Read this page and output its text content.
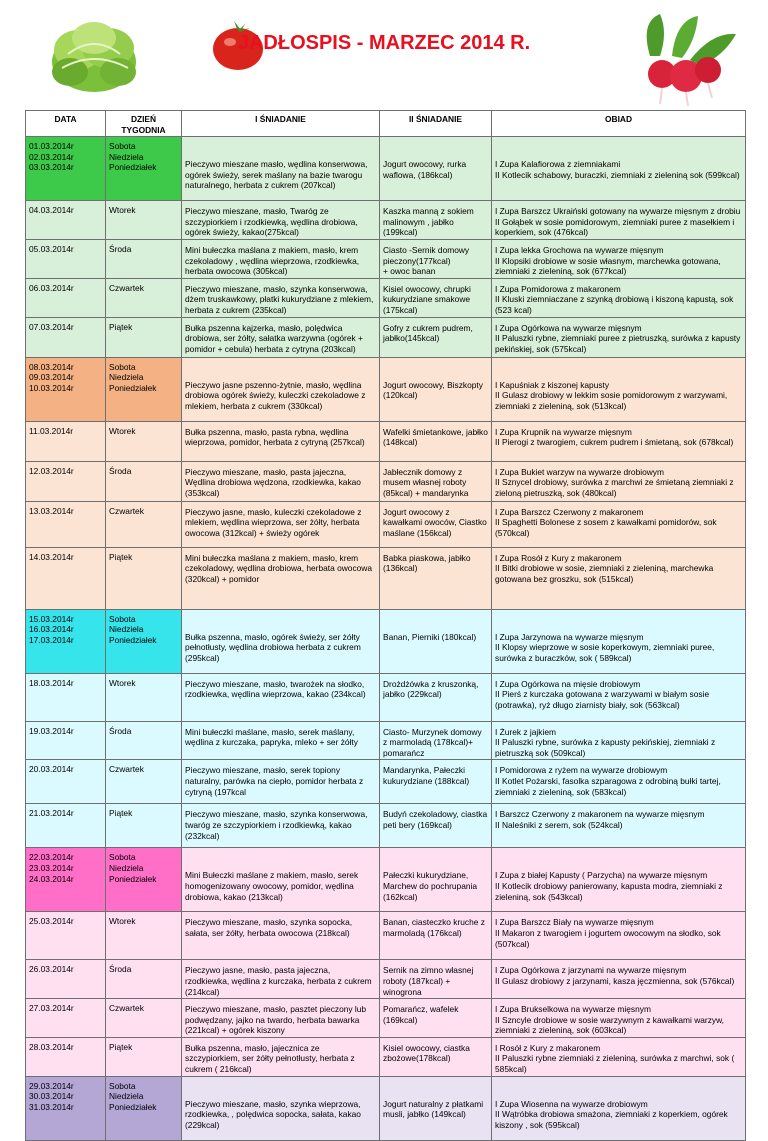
JADŁOSPIS - MARZEC 2014 R.
DATA	DZIEŃ
TYGODNIA	I ŚNIADANIE	II ŚNIADANIE	OBIAD
01.03.2014r
02.03.2014r
03.03.2014r	Sobota
Niedziela
Poniedziałek	Pieczywo mieszane masło, wędlina konserwowa, ogórek świeży, serek maślany na bazie twarogu naturalnego, herbata z cukrem (207kcal)	Jogurt owocowy, rurka waflowa, (186kcal)	I Zupa Kalafiorowa z ziemniakami
II Kotlecik schabowy, buraczki, ziemniaki z zieleniną sok (599kcal)
04.03.2014r	Wtorek	Pieczywo mieszane, masło, Twaróg ze szczypiorkiem i rzodkiewką, wędlina drobiowa, ogórek świeży, kakao(275kcal)	Kaszka manną z sokiem malinowym , jabłko (199kcal)	I Zupa Barszcz Ukraiński gotowany na wywarze mięsnym z drobiu
II Gołąbek w sosie pomidorowym, ziemniaki puree z masełkiem i koperkiem, sok (476kcal)
05.03.2014r	Środa	Mini bułeczka maślana z makiem, masło, krem czekoladowy , wędlina wieprzowa, rzodkiewka, herbata owocowa (305kcal)	Ciasto -Sernik domowy pieczony(177kcal)
+ owoc banan	I Zupa lekka Grochowa na wywarze mięsnym
II Klopsiki drobiowe w sosie własnym, marchewka gotowana, ziemniaki z zieleniną, sok (677kcal)
06.03.2014r	Czwartek	Pieczywo mieszane, masło, szynka konserwowa, dżem truskawkowy, płatki kukurydziane z mlekiem, herbata z cukrem (235kcal)	Kisiel owocowy, chrupki kukurydziane smakowe (175kcal)	I Zupa Pomidorowa z makaronem
II Kluski ziemniaczane z szynką drobiową i kiszoną kapustą, sok (523 kcal)
07.03.2014r	Piątek	Bułka pszenna kajzerka, masło, polędwica drobiowa, ser żółty, sałatka warzywna (ogórek + pomidor + cebula) herbata z cytryna (203kcal)	Gofry z cukrem pudrem, jabłko(145kcal)	I Zupa Ogórkowa na wywarze mięsnym
II Paluszki rybne, ziemniaki puree z pietruszką, surówka z kapusty pekińskiej, sok (575kcal)
08.03.2014r
09.03.2014r
10.03.2014r	Sobota
Niedziela
Poniedziałek	Pieczywo jasne pszenno-żytnie, masło, wędlina drobiowa ogórek świeży, kuleczki czekoladowe z mlekiem, herbata z cukrem (330kcal)	Jogurt owocowy, Biszkopty (120kcal)	I Kapuśniak z kiszonej kapusty
II Gulasz drobiowy w lekkim sosie pomidorowym z warzywami, ziemniaki z zieleniną, sok (513kcal)
11.03.2014r	Wtorek	Bułka pszenna, masło, pasta rybna, wędlina wieprzowa, pomidor, herbata z cytryną (257kcal)	Wafelki śmietankowe, jabłko (148kcal)	I Zupa Krupnik na wywarze mięsnym
II Pierogi z twarogiem, cukrem pudrem i śmietaną, sok (678kcal)
12.03.2014r	Środa	Pieczywo mieszane, masło, pasta jajeczna, Wędlina drobiowa wędzona, rzodkiewka, kakao (353kcal)	Jabłecznik domowy z musem własnej roboty (85kcal) + mandarynka	I Zupa Bukiet warzyw na wywarze drobiowym
II Sznycel drobiowy, surówka z marchwi ze śmietaną ziemniaki z zieloną pietruszką, sok (480kcal)
13.03.2014r	Czwartek	Pieczywo jasne, masło, kuleczki czekoladowe z mlekiem, wędlina wieprzowa, ser żółty, herbata owocowa (312kcal) + świeży ogórek	Jogurt owocowy z kawałkami owoców, Ciastko maślane (156kcal)	I Zupa Barszcz Czerwony z makaronem
II Spaghetti Bolonese z sosem z kawałkami pomidorów, sok (570kcal)
14.03.2014r	Piątek	Mini bułeczka maślana z makiem, masło, krem czekoladowy, wędlina drobiowa, herbata owocowa (320kcal) + pomidor	Babka piaskowa, jabłko (136kcal)	I Zupa Rosół z Kury z makaronem
II Bitki drobiowe w sosie, ziemniaki z zieleniną, marchewka gotowana bez groszku, sok (515kcal)
15.03.2014r
16.03.2014r
17.03.2014r	Sobota
Niedziela
Poniedziałek	Bułka pszenna, masło, ogórek świeży, ser żółty pełnotłusty, wędlina drobiowa herbata z cukrem (295kcal)	Banan, Pierniki (180kcal)	I Zupa Jarzynowa na wywarze mięsnym
II Klopsy wieprzowe w sosie koperkowym, ziemniaki puree, surówka z buraczków, sok ( 589kcal)
18.03.2014r	Wtorek	Pieczywo mieszane, masło, twarożek na słodko, rzodkiewka, wędlina wieprzowa, kakao (234kcal)	Drożdżówka z kruszonką, jabłko (229kcal)	I Zupa Ogórkowa na mięsie drobiowym
II Pierś z kurczaka gotowana z warzywami w białym sosie (potrawka), ryż długo ziarnisty biały, sok (563kcal)
19.03.2014r	Środa	Mini bułeczki maślane, masło, serek maślany, wędlina z kurczaka, papryka, mleko + ser żółty	Ciasto- Murzynek domowy z marmoladą (178kcal)+ pomarańcz	I Żurek z jajkiem
II Paluszki rybne, surówka z kapusty pekińskiej, ziemniaki z pietruszką sok (509kcal)
20.03.2014r	Czwartek	Pieczywo mieszane, masło, serek topiony naturalny, parówka na ciepło, pomidor herbata z cytryną (197kcal	Mandarynka, Pałeczki kukurydziane (188kcal)	I Pomidorowa z ryżem na wywarze drobiowym
II Kotlet Pożarski, fasolka szparagowa z odrobiną bułki tartej, ziemniaki z zieleniną, sok (583kcal)
21.03.2014r	Piątek	Pieczywo mieszane, masło, szynka konserwowa, twaróg ze szczypiorkiem i rzodkiewką, kakao (232kcal)	Budyń czekoladowy, ciastka peti bery (169kcal)	I Barszcz Czerwony z makaronem na wywarze mięsnym
II Naleśniki z serem, sok (524kcal)
22.03.2014r
23.03.2014r
24.03.2014r	Sobota
Niedziela
Poniedziałek	Mini Bułeczki maślane z makiem, masło, serek homogenizowany owocowy, pomidor, wędlina drobiowa, kakao (213kcal)	Pałeczki kukurydziane, Marchew do pochrupania (162kcal)	I Zupa z białej Kapusty ( Parzycha) na wywarze mięsnym
II Kotlecik drobiowy panierowany, kapusta modra, ziemniaki z zieleniną, sok (543kcal)
25.03.2014r	Wtorek	Pieczywo mieszane, masło, szynka sopocka, sałata, ser żółty, herbata owocowa (218kcal)	Banan, ciasteczko kruche z marmoladą (176kcal)	I Zupa Barszcz Biały na wywarze mięsnym
II Makaron z twarogiem i jogurtem owocowym na słodko, sok (507kcal)
26.03.2014r	Środa	Pieczywo jasne, masło, pasta jajeczna, rzodkiewka, wędlina z kurczaka, herbata z cukrem (214kcal)	Sernik na zimno własnej roboty (187kcal) + winogrona	I Zupa Ogórkowa z jarzynami na wywarze mięsnym
II Gulasz drobiowy z jarzynami, kasza jęczmienna, sok (576kcal)
27.03.2014r	Czwartek	Pieczywo mieszane, masło, pasztet pieczony lub podwędzany, jajko na twardo, herbata bawarka (221kcal) + ogórek kiszony	Pomarańcz, wafelek (169kcal)	I Zupa Brukselkowa na wywarze mięsnym
II Szncyle drobiowe w sosie warzywnym z kawałkami warzyw, ziemniaki z zieleniną, sok (603kcal)
28.03.2014r	Piątek	Bułka pszenna, masło, jajecznica ze szczypiorkiem, ser żółty pełnotłusty, herbata z cukrem ( 216kcal)	Kisiel owocowy, ciastka zbożowe(178kcal)	I Rosół z Kury z makaronem
II Paluszki rybne ziemniaki z zieleniną, surówka z marchwi, sok ( 585kcal)
29.03.2014r
30.03.2014r
31.03.2014r	Sobota
Niedziela
Poniedziałek	Pieczywo mieszane, masło, szynka wieprzowa, rzodkiewka, , polędwica sopocka, sałata, kakao (229kcal)	Jogurt naturalny z płatkami musli, jabłko (149kcal)	I Zupa Wiosenna na wywarze drobiowym
II Wątróbka drobiowa smażona, ziemniaki z koperkiem, ogórek kiszony , sok (595kcal)
